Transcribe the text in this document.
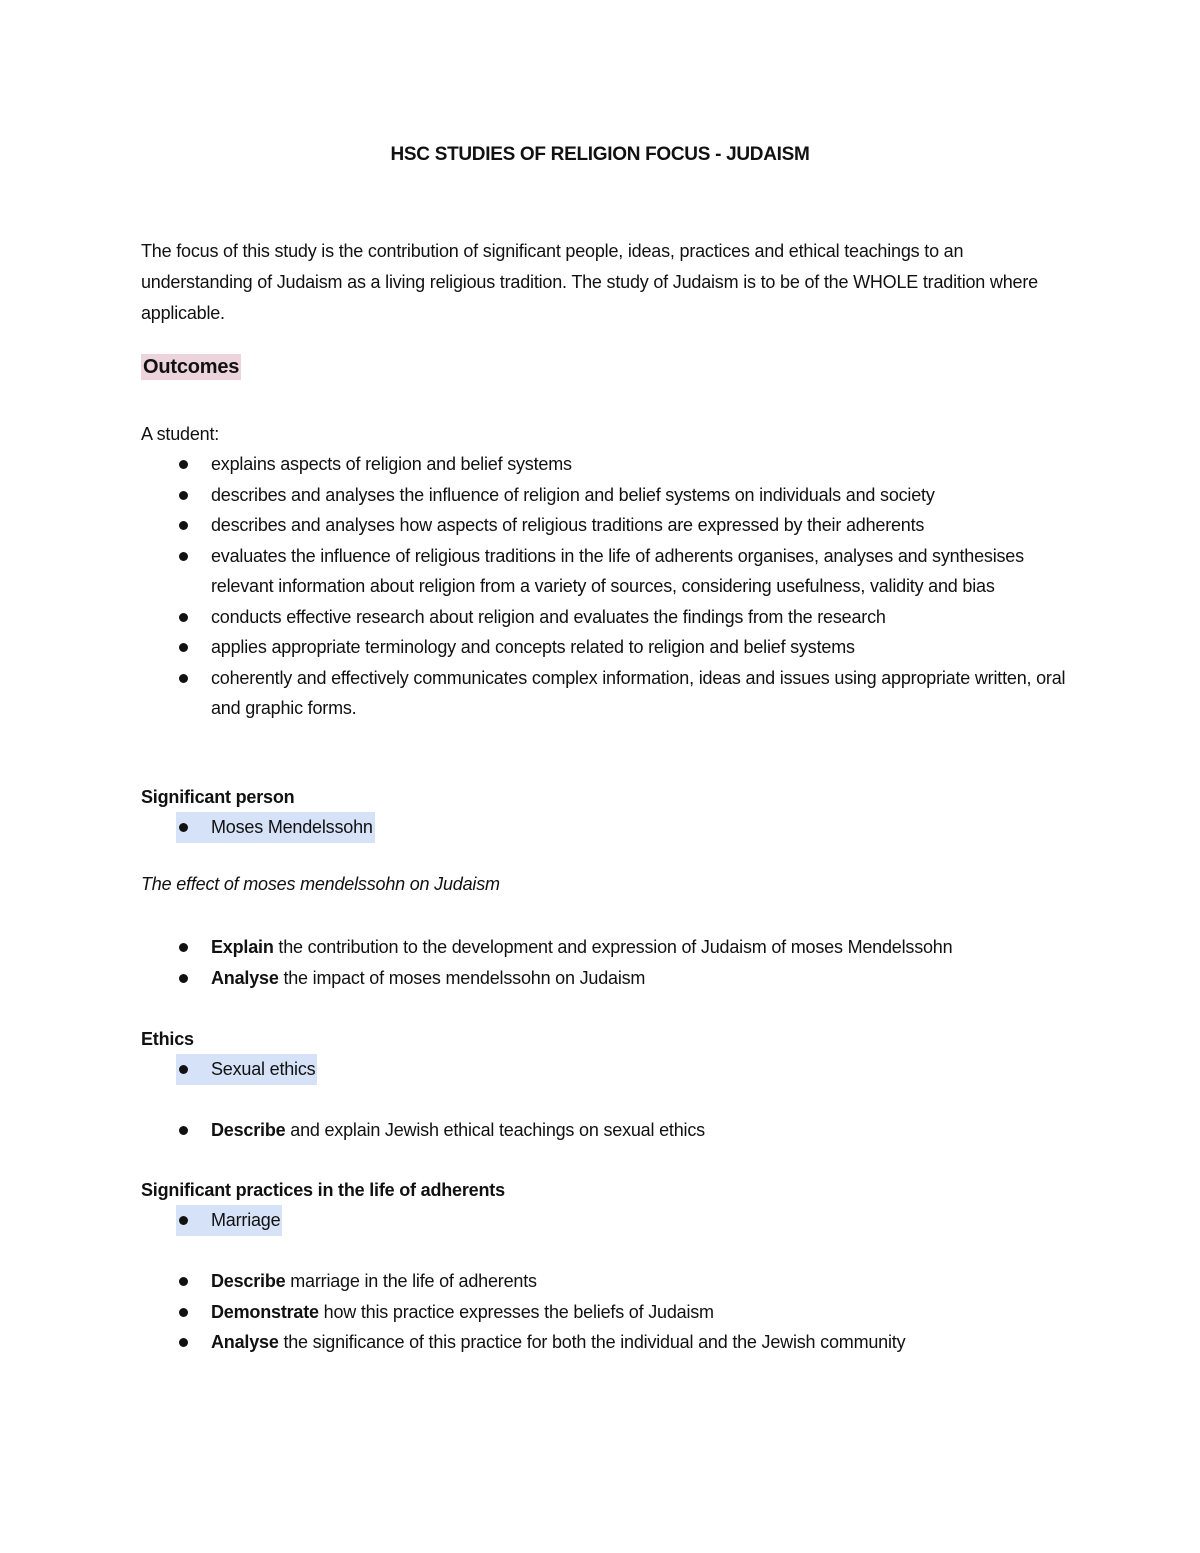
HSC STUDIES OF RELIGION FOCUS - JUDAISM
The focus of this study is the contribution of significant people, ideas, practices and ethical teachings to an understanding of Judaism as a living religious tradition. The study of Judaism is to be of the WHOLE tradition where applicable.
Outcomes
A student:
explains aspects of religion and belief systems
describes and analyses the influence of religion and belief systems on individuals and society
describes and analyses how aspects of religious traditions are expressed by their adherents
evaluates the influence of religious traditions in the life of adherents organises, analyses and synthesises relevant information about religion from a variety of sources, considering usefulness, validity and bias
conducts effective research about religion and evaluates the findings from the research
applies appropriate terminology and concepts related to religion and belief systems
coherently and effectively communicates complex information, ideas and issues using appropriate written, oral and graphic forms.
Significant person
Moses Mendelssohn
The effect of moses mendelssohn on Judaism
Explain the contribution to the development and expression of Judaism of moses Mendelssohn
Analyse the impact of moses mendelssohn on Judaism
Ethics
Sexual ethics
Describe and explain Jewish ethical teachings on sexual ethics
Significant practices in the life of adherents
Marriage
Describe marriage in the life of adherents
Demonstrate how this practice expresses the beliefs of Judaism
Analyse the significance of this practice for both the individual and the Jewish community
